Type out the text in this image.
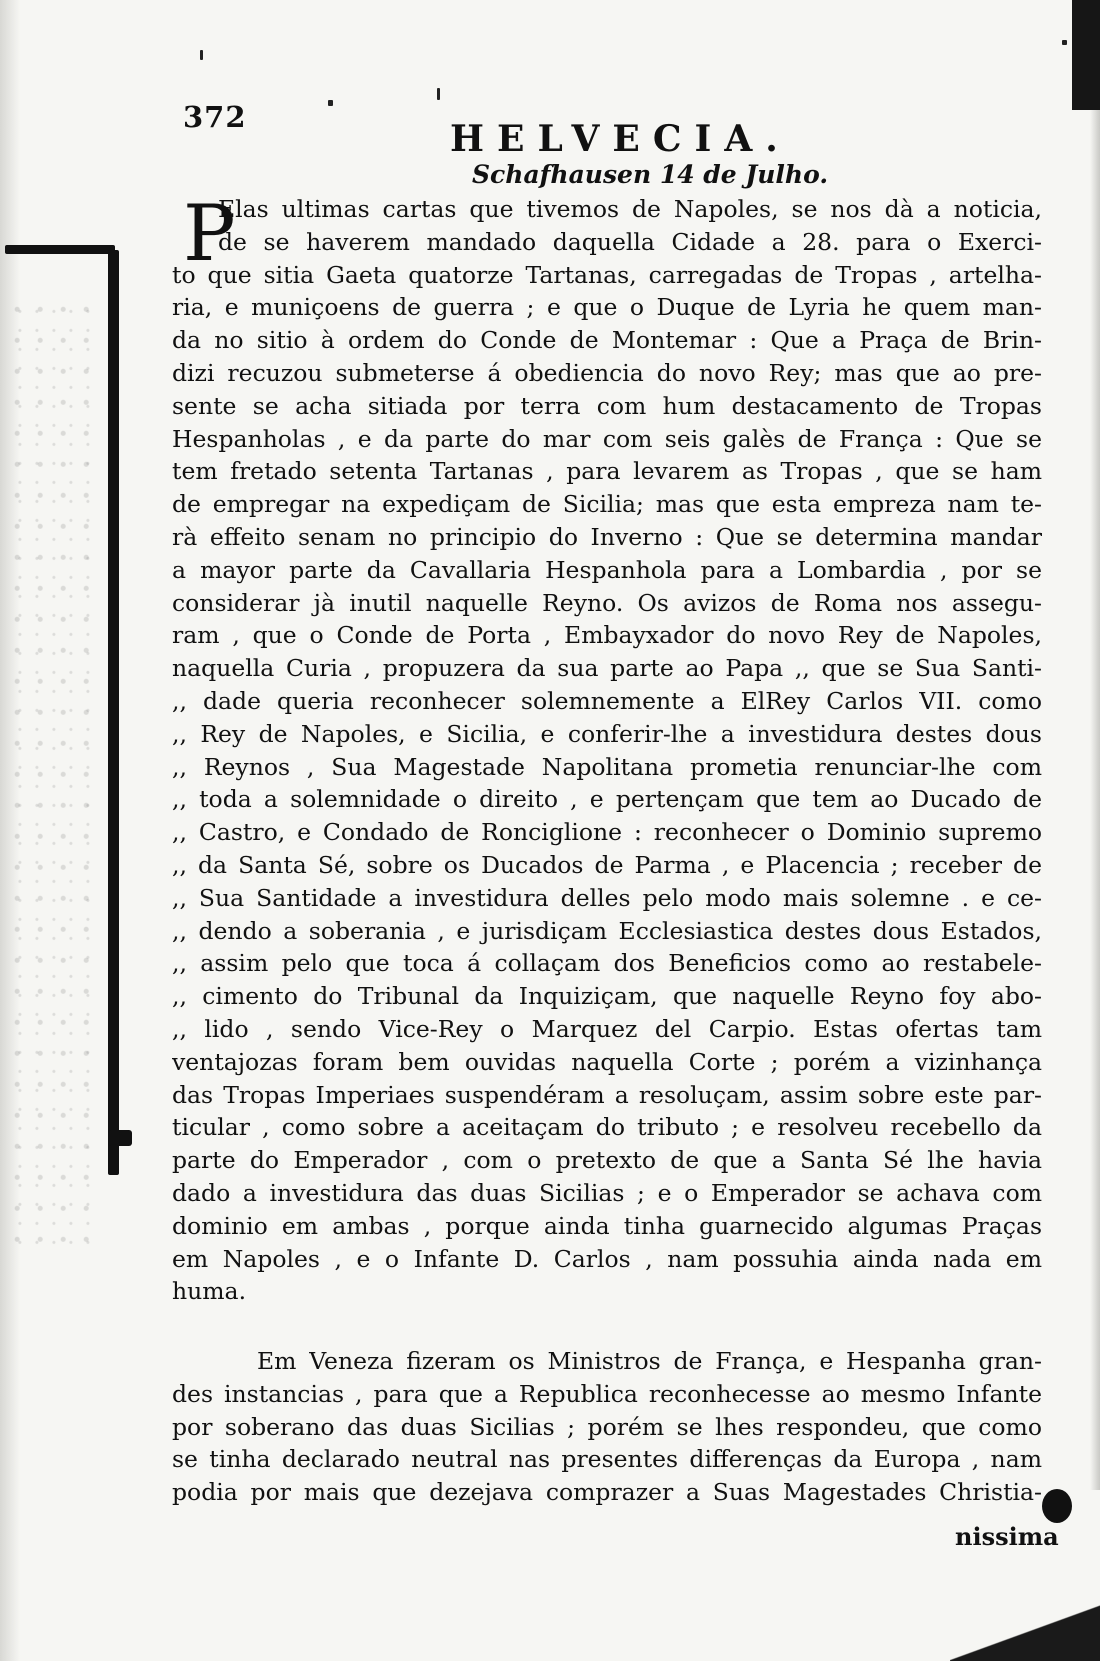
372
HELVECIA.
Schafhausen 14 de Julho.
P
Elas ultimas cartas que tivemos de Napoles, se nos dà a noticia,
de se haverem mandado daquella Cidade a 28. para o Exerci-
to que sitia Gaeta quatorze Tartanas, carregadas de Tropas , artelha-
ria, e muniçoens de guerra ; e que o Duque de Lyria he quem man-
da no sitio à ordem do Conde de Montemar : Que a Praça de Brin-
dizi recuzou submeterse á obediencia do novo Rey; mas que ao pre-
sente se acha sitiada por terra com hum destacamento de Tropas
Hespanholas , e da parte do mar com seis galès de França : Que se
tem fretado setenta Tartanas , para levarem as Tropas , que se ham
de empregar na expediçam de Sicilia; mas que esta empreza nam te-
rà effeito senam no principio do Inverno : Que se determina mandar
a mayor parte da Cavallaria Hespanhola para a Lombardia , por se
considerar jà inutil naquelle Reyno. Os avizos de Roma nos assegu-
ram , que o Conde de Porta , Embayxador do novo Rey de Napoles,
naquella Curia , propuzera da sua parte ao Papa ,, que se Sua Santi-
,, dade queria reconhecer solemnemente a ElRey Carlos VII. como
,, Rey de Napoles, e Sicilia, e conferir-lhe a investidura destes dous
,, Reynos , Sua Magestade Napolitana prometia renunciar-lhe com
,, toda a solemnidade o direito , e pertençam que tem ao Ducado de
,, Castro, e Condado de Ronciglione : reconhecer o Dominio supremo
,, da Santa Sé, sobre os Ducados de Parma , e Placencia ; receber de
,, Sua Santidade a investidura delles pelo modo mais solemne . e ce-
,, dendo a soberania , e jurisdiçam Ecclesiastica destes dous Estados,
,, assim pelo que toca á collaçam dos Beneficios como ao restabele-
,, cimento do Tribunal da Inquiziçam, que naquelle Reyno foy abo-
,, lido , sendo Vice-Rey o Marquez del Carpio. Estas ofertas tam
ventajozas foram bem ouvidas naquella Corte ; porém a vizinhança
das Tropas Imperiaes suspendéram a resoluçam, assim sobre este par-
ticular , como sobre a aceitaçam do tributo ; e resolveu recebello da
parte do Emperador , com o pretexto de que a Santa Sé lhe havia
dado a investidura das duas Sicilias ; e o Emperador se achava com
dominio em ambas , porque ainda tinha guarnecido algumas Praças
em Napoles , e o Infante D. Carlos , nam possuhia ainda nada em
huma.
Em Veneza fizeram os Ministros de França, e Hespanha gran-
des instancias , para que a Republica reconhecesse ao mesmo Infante
por soberano das duas Sicilias ; porém se lhes respondeu, que como
se tinha declarado neutral nas presentes differenças da Europa , nam
podia por mais que dezejava comprazer a Suas Magestades Christia-
nissima
